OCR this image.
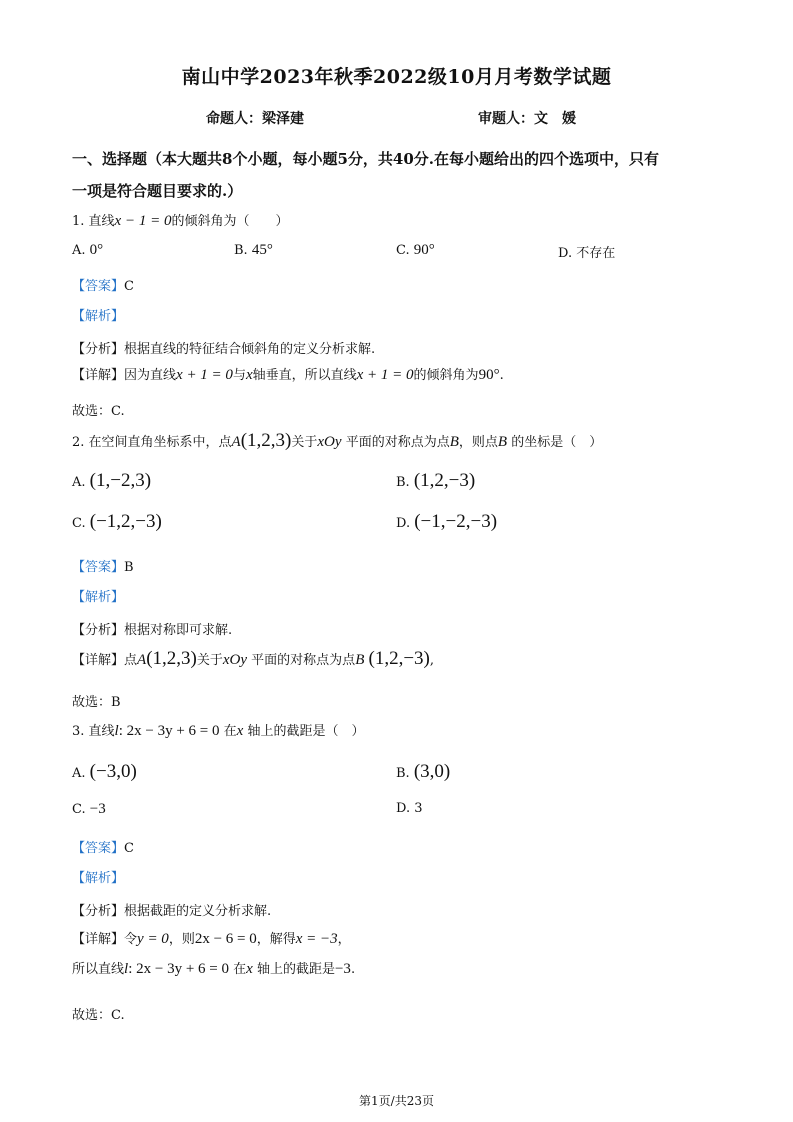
南山中学2023年秋季2022级10月月考数学试题
命题人：梁泽建	审题人：文　媛
一、选择题（本大题共8个小题，每小题5分，共40分.在每小题给出的四个选项中，只有
一项是符合题目要求的.）
1. 直线x − 1 = 0的倾斜角为（　　）
A. 0°	B. 45°	C. 90°	D. 不存在
【答案】C
【解析】
【分析】根据直线的特征结合倾斜角的定义分析求解.
【详解】因为直线x + 1 = 0与x轴垂直，所以直线x + 1 = 0的倾斜角为90°.
故选：C.
2. 在空间直角坐标系中，点A(1,2,3)关于xOy 平面的对称点为点B，则点B 的坐标是（　）
A. (1,−2,3)	B. (1,2,−3)
C. (−1,2,−3)	D. (−1,−2,−3)
【答案】B
【解析】
【分析】根据对称即可求解.
【详解】点A(1,2,3)关于xOy 平面的对称点为点B (1,2,−3),
故选：B
3. 直线l: 2x − 3y + 6 = 0 在x 轴上的截距是（　）
A. (−3,0)	B. (3,0)
C. −3	D. 3
【答案】C
【解析】
【分析】根据截距的定义分析求解.
【详解】令y = 0，则2x − 6 = 0，解得x = −3，
所以直线l: 2x − 3y + 6 = 0 在x 轴上的截距是−3.
故选：C.
第1页/共23页
